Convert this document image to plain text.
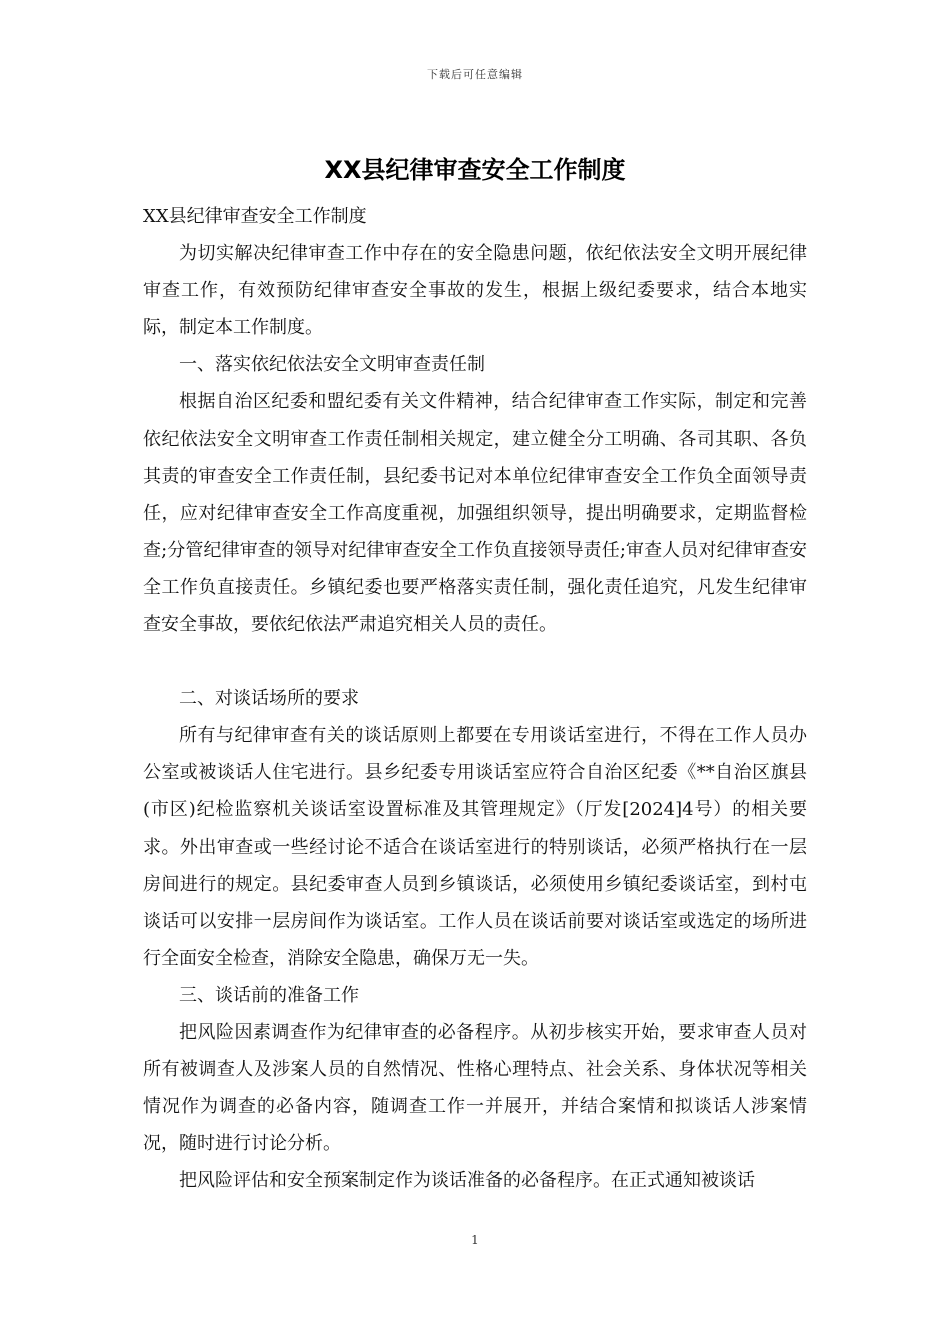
下载后可任意编辑
XX县纪律审查安全工作制度

XX县纪律审查安全工作制度

为切实解决纪律审查工作中存在的安全隐患问题，依纪依法安全文明开展纪律审查工作，有效预防纪律审查安全事故的发生，根据上级纪委要求，结合本地实际，制定本工作制度。

一、落实依纪依法安全文明审查责任制

根据自治区纪委和盟纪委有关文件精神，结合纪律审查工作实际，制定和完善依纪依法安全文明审查工作责任制相关规定，建立健全分工明确、各司其职、各负其责的审查安全工作责任制，县纪委书记对本单位纪律审查安全工作负全面领导责任，应对纪律审查安全工作高度重视，加强组织领导，提出明确要求，定期监督检查;分管纪律审查的领导对纪律审查安全工作负直接领导责任;审查人员对纪律审查安全工作负直接责任。乡镇纪委也要严格落实责任制，强化责任追究，凡发生纪律审查安全事故，要依纪依法严肃追究相关人员的责任。

二、对谈话场所的要求

所有与纪律审查有关的谈话原则上都要在专用谈话室进行，不得在工作人员办公室或被谈话人住宅进行。县乡纪委专用谈话室应符合自治区纪委《**自治区旗县(市区)纪检监察机关谈话室设置标准及其管理规定》（厅发[2024]4号）的相关要求。外出审查或一些经讨论不适合在谈话室进行的特别谈话，必须严格执行在一层房间进行的规定。县纪委审查人员到乡镇谈话，必须使用乡镇纪委谈话室，到村屯谈话可以安排一层房间作为谈话室。工作人员在谈话前要对谈话室或选定的场所进行全面安全检查，消除安全隐患，确保万无一失。

三、谈话前的准备工作

把风险因素调查作为纪律审查的必备程序。从初步核实开始，要求审查人员对所有被调查人及涉案人员的自然情况、性格心理特点、社会关系、身体状况等相关情况作为调查的必备内容，随调查工作一并展开，并结合案情和拟谈话人涉案情况，随时进行讨论分析。

把风险评估和安全预案制定作为谈话准备的必备程序。在正式通知被谈话

1
